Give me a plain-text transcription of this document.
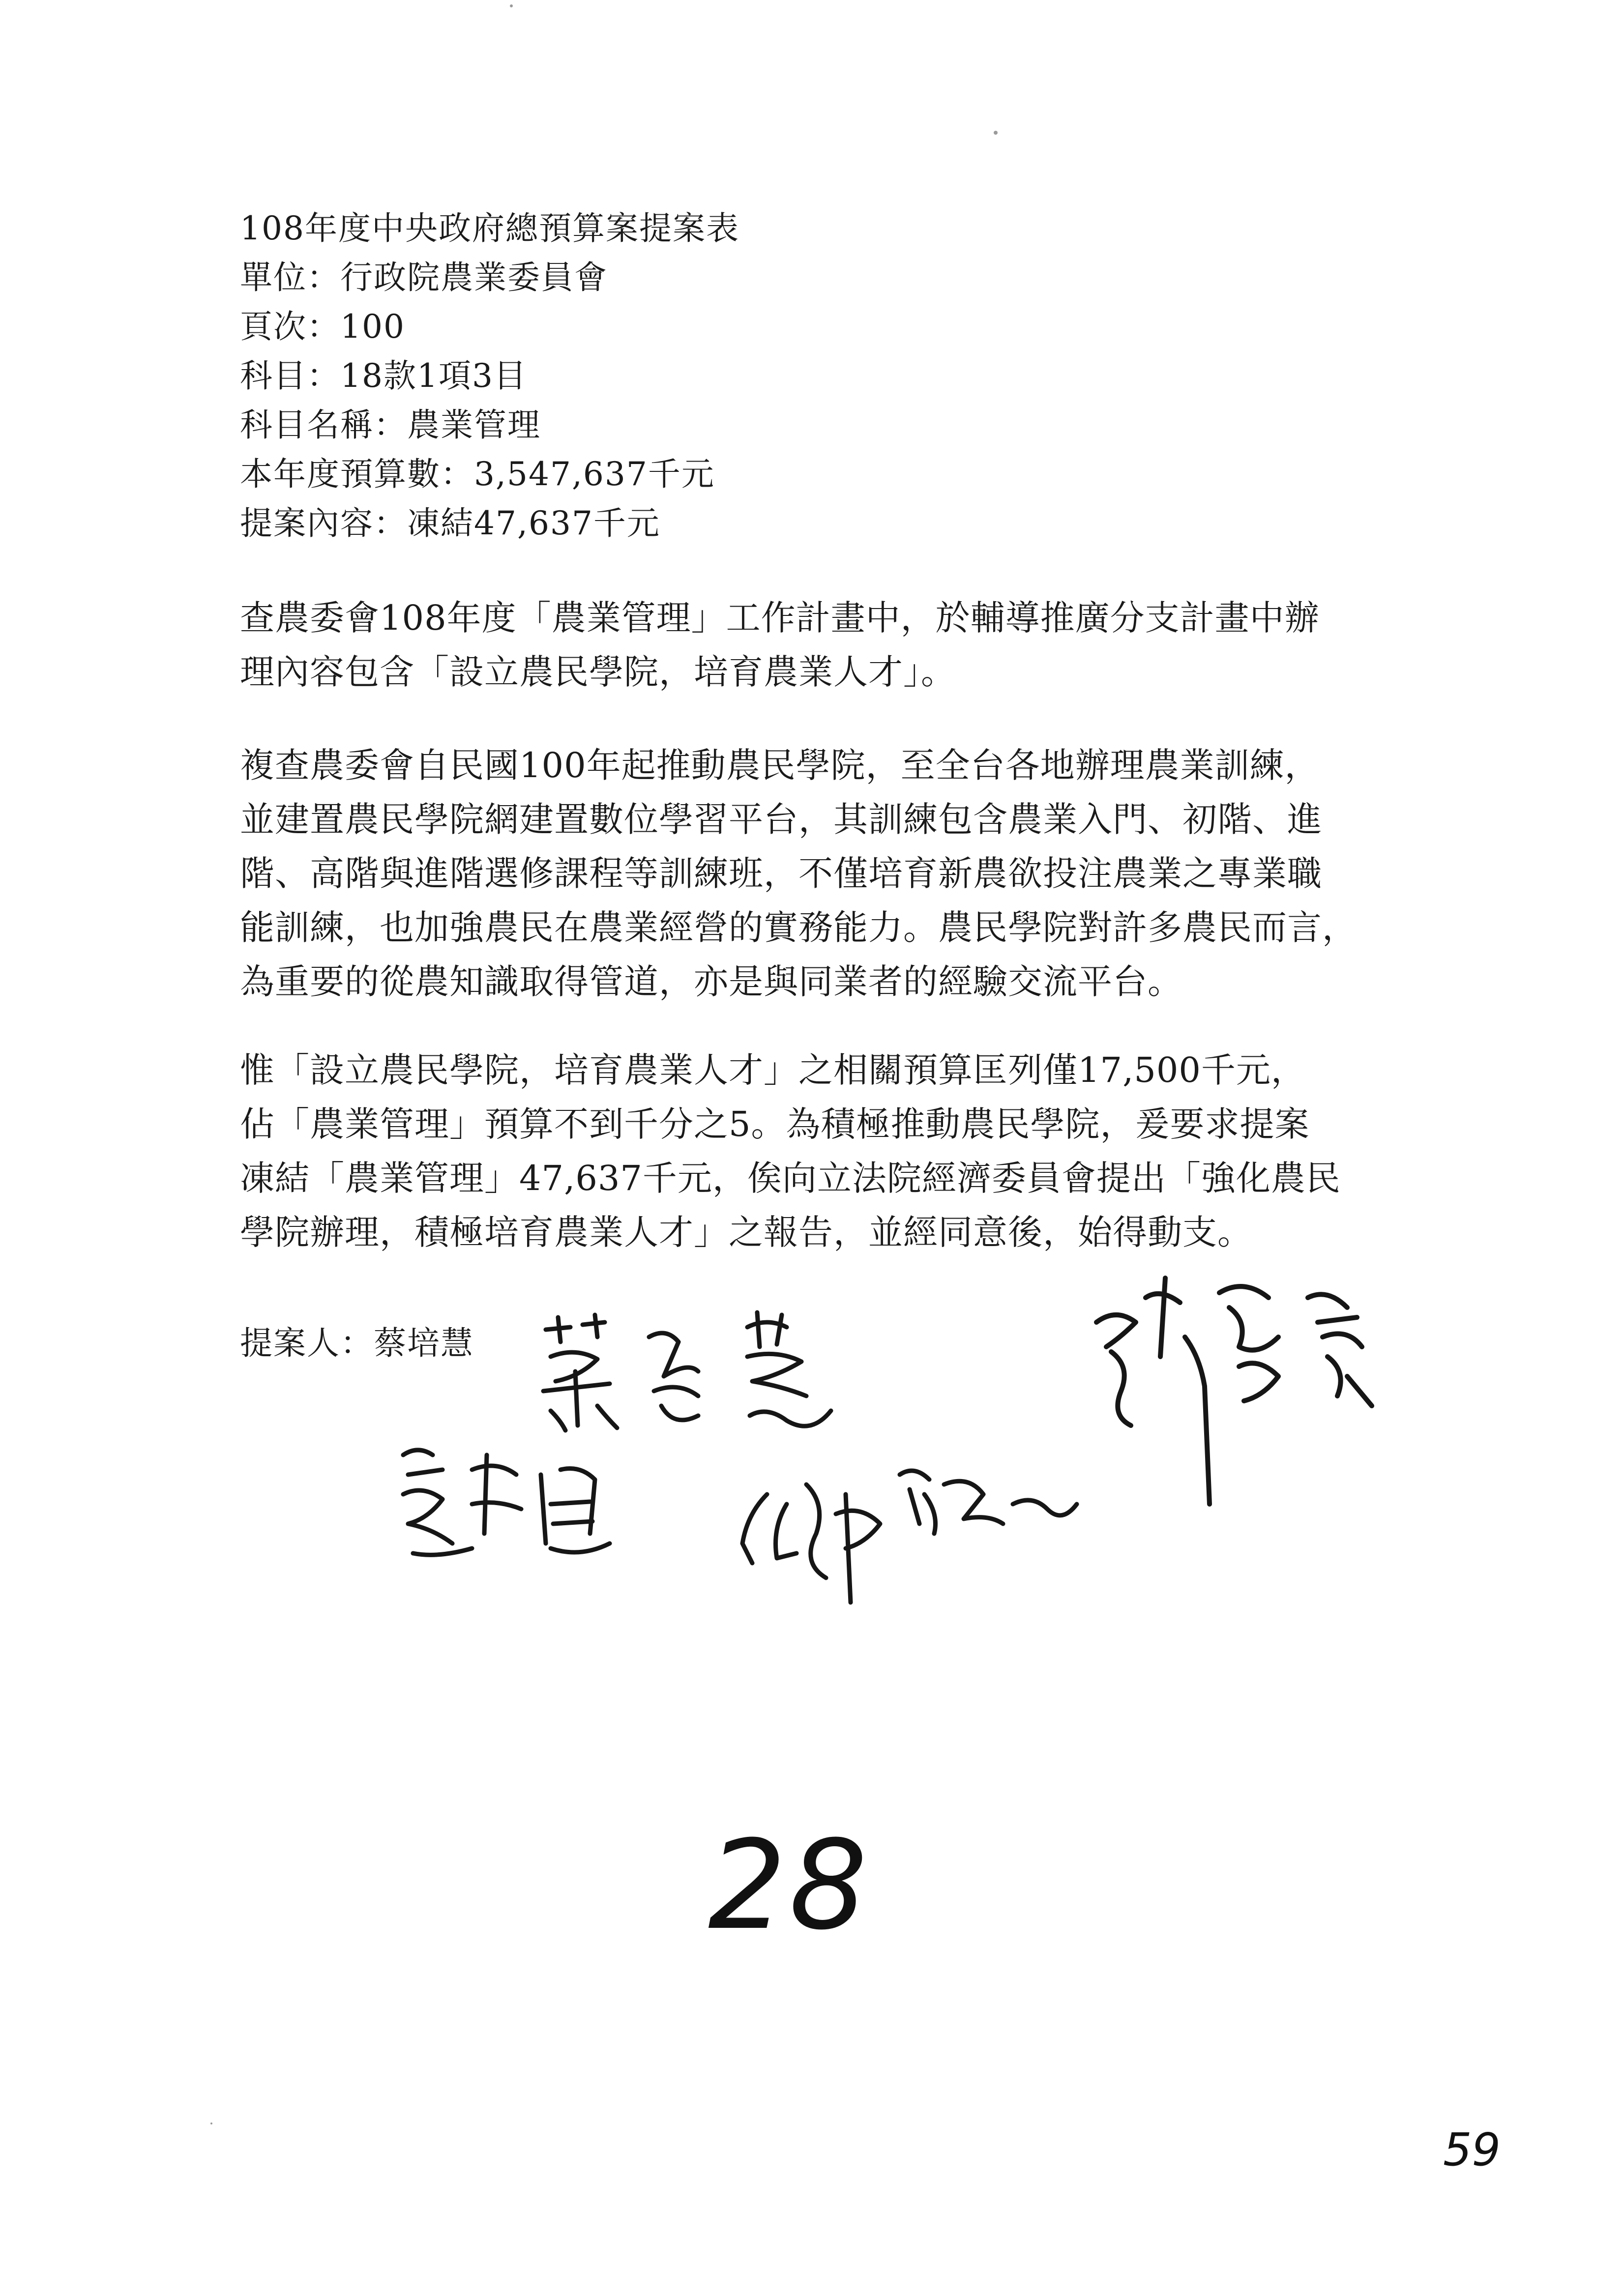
108年度中央政府總預算案提案表
單位：行政院農業委員會
頁次：100
科目：18款1項3目
科目名稱：農業管理
本年度預算數：3,547,637千元
提案內容：凍結47,637千元
查農委會108年度「農業管理」工作計畫中，於輔導推廣分支計畫中辦
理內容包含「設立農民學院，培育農業人才」。
複查農委會自民國100年起推動農民學院，至全台各地辦理農業訓練，
並建置農民學院網建置數位學習平台，其訓練包含農業入門、初階、進
階、高階與進階選修課程等訓練班，不僅培育新農欲投注農業之專業職
能訓練，也加強農民在農業經營的實務能力。農民學院對許多農民而言，
為重要的從農知識取得管道，亦是與同業者的經驗交流平台。
惟「設立農民學院，培育農業人才」之相關預算匡列僅17,500千元，
佔「農業管理」預算不到千分之5。為積極推動農民學院，爰要求提案
凍結「農業管理」47,637千元，俟向立法院經濟委員會提出「強化農民
學院辦理，積極培育農業人才」之報告，並經同意後，始得動支。
提案人：蔡培慧
28
59
